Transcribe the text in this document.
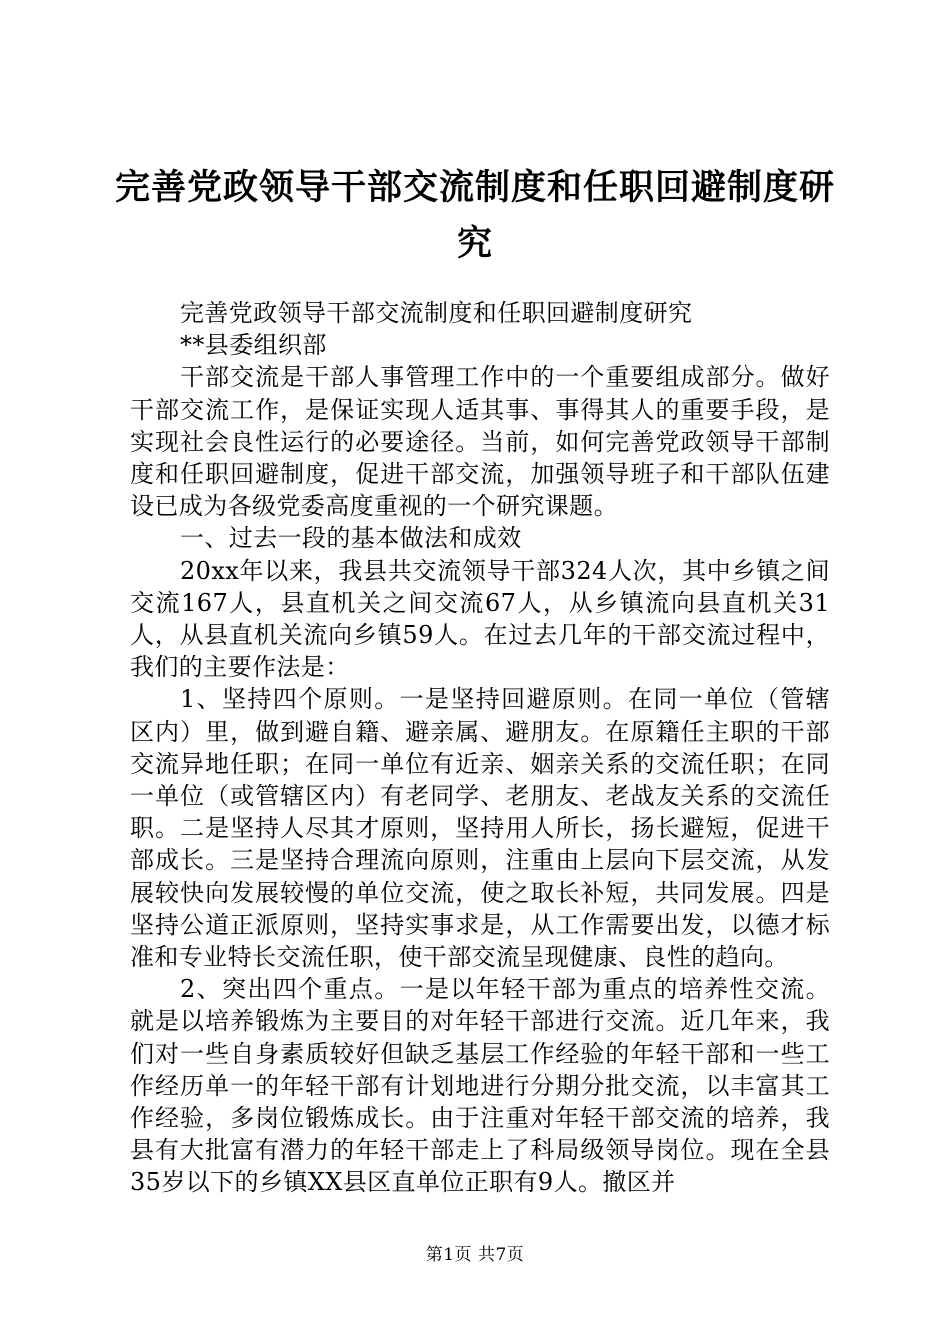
完善党政领导干部交流制度和任职回避制度研
究

完善党政领导干部交流制度和任职回避制度研究

**县委组织部

干部交流是干部人事管理工作中的一个重要组成部分。做好干部交流工作，是保证实现人适其事、事得其人的重要手段，是实现社会良性运行的必要途径。当前，如何完善党政领导干部制度和任职回避制度，促进干部交流，加强领导班子和干部队伍建设已成为各级党委高度重视的一个研究课题。

一、过去一段的基本做法和成效

20xx年以来，我县共交流领导干部324人次，其中乡镇之间交流167人，县直机关之间交流67人，从乡镇流向县直机关31人，从县直机关流向乡镇59人。在过去几年的干部交流过程中，我们的主要作法是：

1、坚持四个原则。一是坚持回避原则。在同一单位（管辖区内）里，做到避自籍、避亲属、避朋友。在原籍任主职的干部交流异地任职；在同一单位有近亲、姻亲关系的交流任职；在同一单位（或管辖区内）有老同学、老朋友、老战友关系的交流任职。二是坚持人尽其才原则，坚持用人所长，扬长避短，促进干部成长。三是坚持合理流向原则，注重由上层向下层交流，从发展较快向发展较慢的单位交流，使之取长补短，共同发展。四是坚持公道正派原则，坚持实事求是，从工作需要出发，以德才标准和专业特长交流任职，使干部交流呈现健康、良性的趋向。

2、突出四个重点。一是以年轻干部为重点的培养性交流。就是以培养锻炼为主要目的对年轻干部进行交流。近几年来，我们对一些自身素质较好但缺乏基层工作经验的年轻干部和一些工作经历单一的年轻干部有计划地进行分期分批交流，以丰富其工作经验，多岗位锻炼成长。由于注重对年轻干部交流的培养，我县有大批富有潜力的年轻干部走上了科局级领导岗位。现在全县35岁以下的乡镇XX县区直单位正职有9人。撤区并

第1页 共7页
